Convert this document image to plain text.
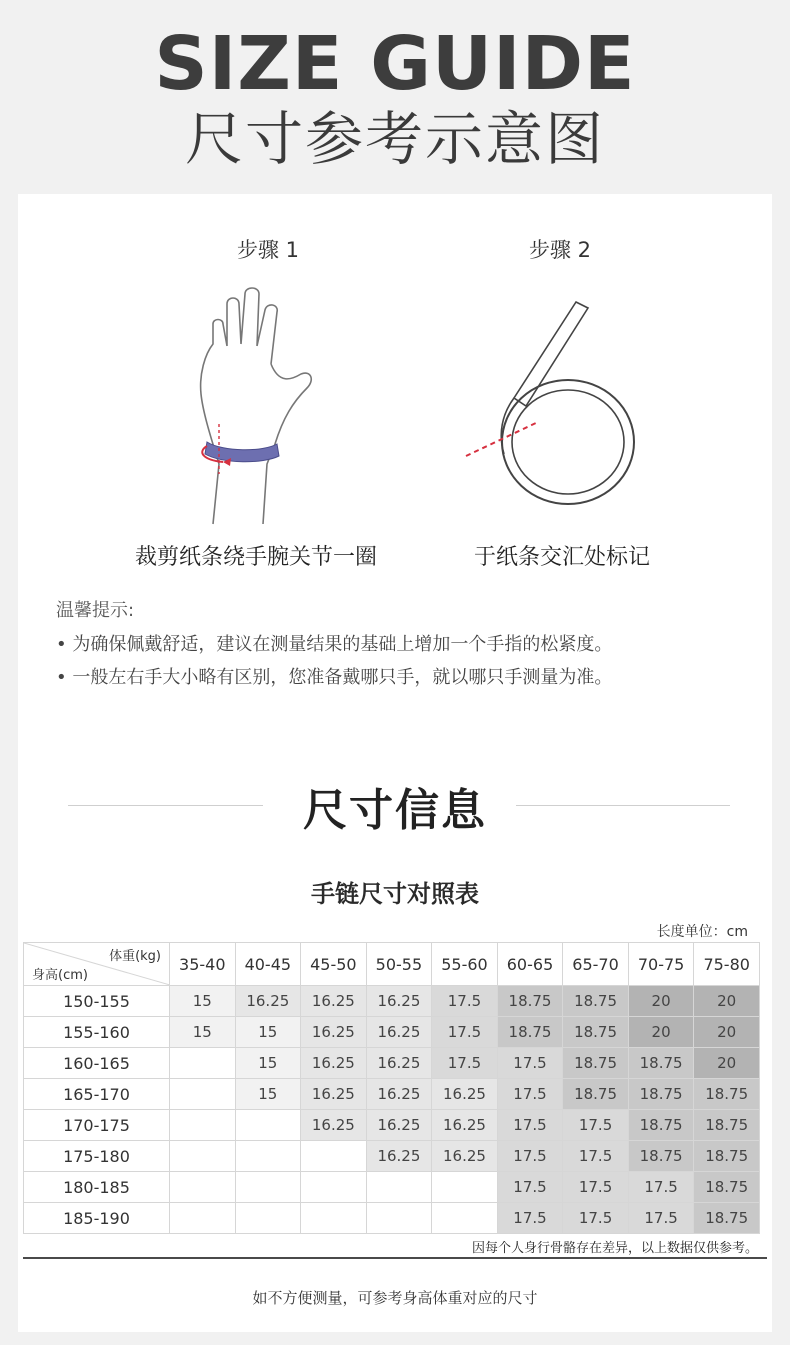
SIZE GUIDE
尺寸参考示意图
步骤 1	步骤 2
裁剪纸条绕手腕关节一圈	于纸条交汇处标记
温馨提示:
• 为确保佩戴舒适，建议在测量结果的基础上增加一个手指的松紧度。
• 一般左右手大小略有区别，您准备戴哪只手，就以哪只手测量为准。
尺寸信息
手链尺寸对照表
长度单位：cm
体重(kg)
身高(cm)	35-40	40-45	45-50	50-55	55-60	60-65	65-70	70-75	75-80
150-155	15	16.25	16.25	16.25	17.5	18.75	18.75	20	20
155-160	15	15	16.25	16.25	17.5	18.75	18.75	20	20
160-165		15	16.25	16.25	17.5	17.5	18.75	18.75	20
165-170		15	16.25	16.25	16.25	17.5	18.75	18.75	18.75
170-175			16.25	16.25	16.25	17.5	17.5	18.75	18.75
175-180				16.25	16.25	17.5	17.5	18.75	18.75
180-185						17.5	17.5	17.5	18.75
185-190						17.5	17.5	17.5	18.75
因每个人身行骨骼存在差异，以上数据仅供参考。
如不方便测量，可参考身高体重对应的尺寸
